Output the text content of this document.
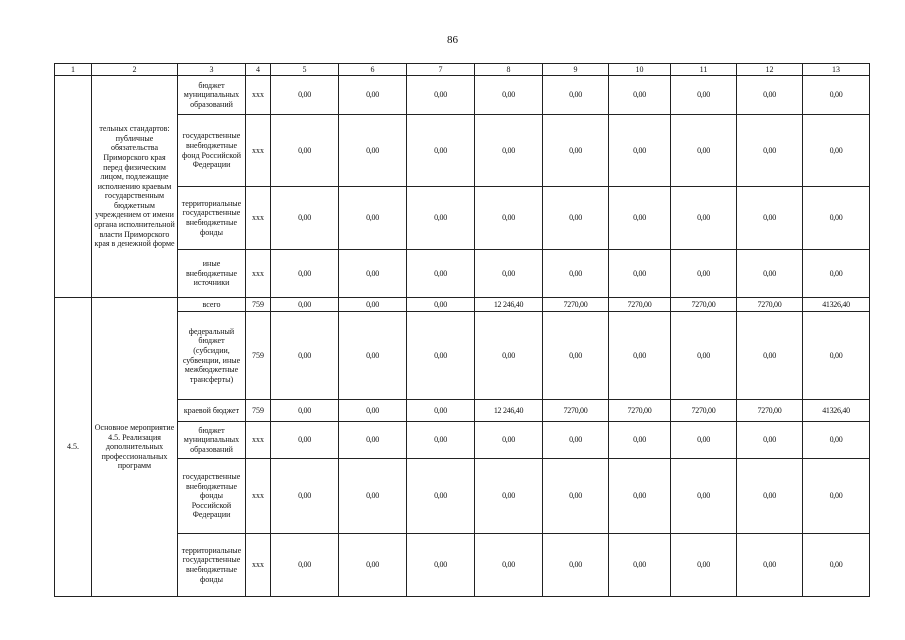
86
1	2	3	4	5	6	7	8	9	10	11	12	13
	тельных стандартов: публичные обязательства Приморского края перед физическим лицом, подлежащие исполнению краевым государственным бюджетным учреждением от имени органа исполнительной власти Приморского края в денежной форме	бюджет муниципальных образований	xxx	0,00	0,00	0,00	0,00	0,00	0,00	0,00	0,00	0,00
		государственные внебюджетные фонд Российской Федерации	xxx	0,00	0,00	0,00	0,00	0,00	0,00	0,00	0,00	0,00
		территориальные государственные внебюджетные фонды	xxx	0,00	0,00	0,00	0,00	0,00	0,00	0,00	0,00	0,00
		иные внебюджетные источники	xxx	0,00	0,00	0,00	0,00	0,00	0,00	0,00	0,00	0,00
4.5.	Основное мероприятие 4.5. Реализация дополнительных профессиональных программ	всего	759	0,00	0,00	0,00	12 246,40	7270,00	7270,00	7270,00	7270,00	41326,40
		федеральный бюджет (субсидии, субвенции, иные межбюджетные трансферты)	759	0,00	0,00	0,00	0,00	0,00	0,00	0,00	0,00	0,00
		краевой бюджет	759	0,00	0,00	0,00	12 246,40	7270,00	7270,00	7270,00	7270,00	41326,40
		бюджет муниципальных образований	xxx	0,00	0,00	0,00	0,00	0,00	0,00	0,00	0,00	0,00
		государственные внебюджетные фонды Российской Федерации	xxx	0,00	0,00	0,00	0,00	0,00	0,00	0,00	0,00	0,00
		территориальные государственные внебюджетные фонды	xxx	0,00	0,00	0,00	0,00	0,00	0,00	0,00	0,00	0,00
